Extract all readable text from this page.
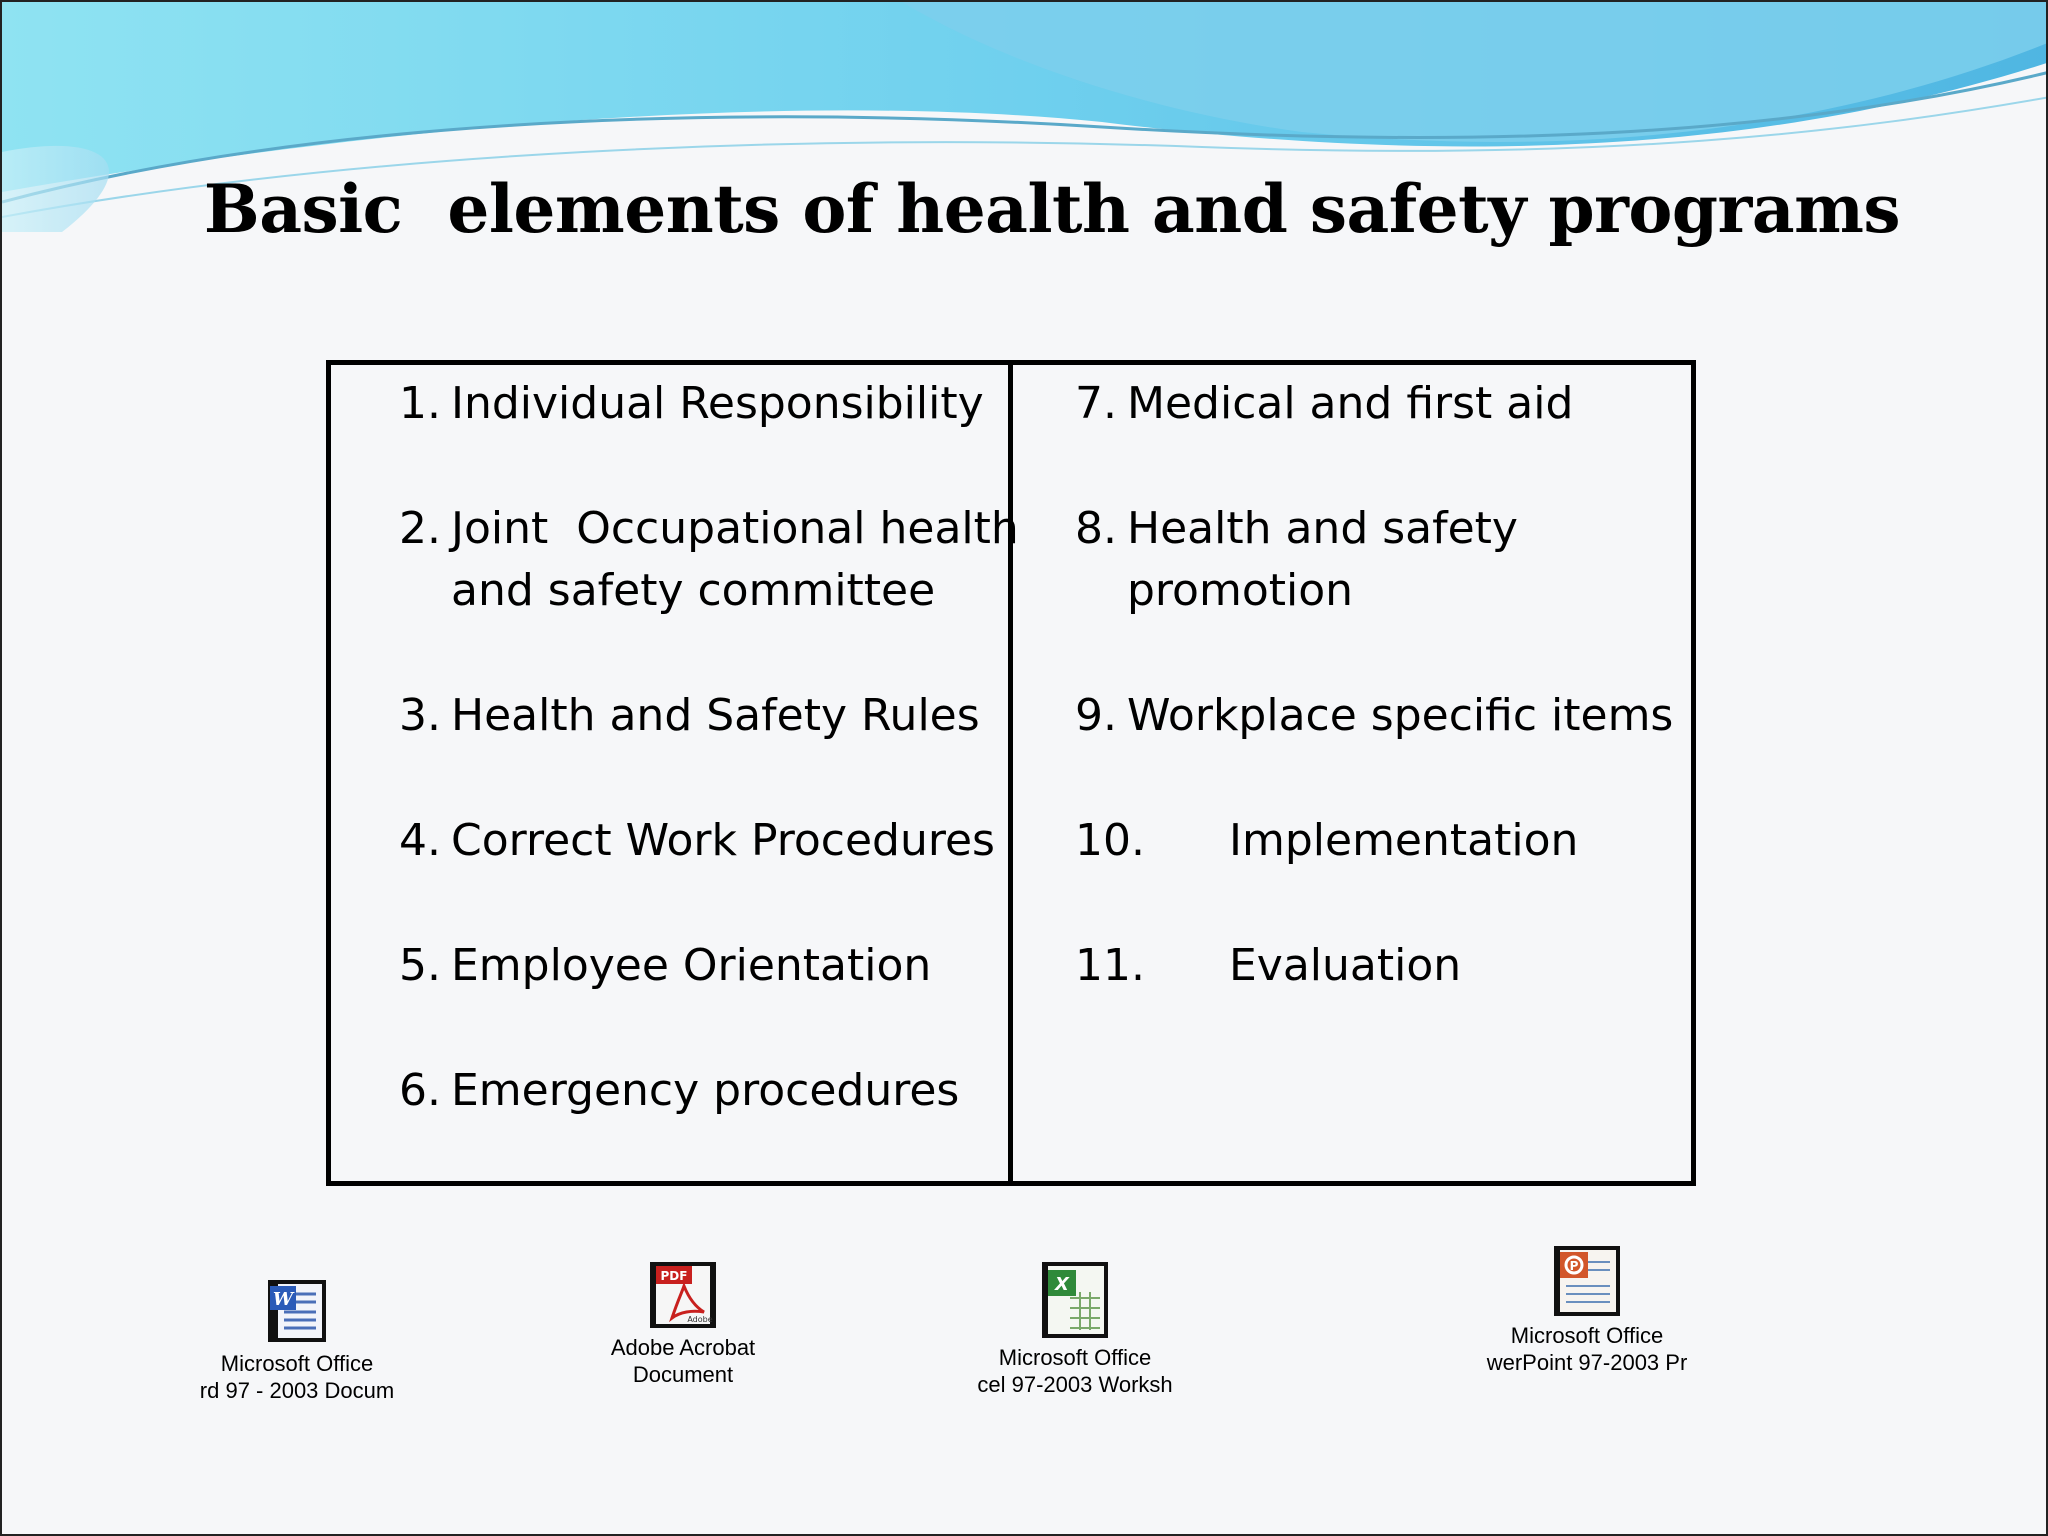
Basic  elements of health and safety programs
1. Individual Responsibility
2. Joint  Occupational health
and safety committee
3. Health and Safety Rules
4. Correct Work Procedures
5. Employee Orientation
6. Emergency procedures
7. Medical and first aid
8. Health and safety
promotion
9. Workplace specific items
10.	Implementation
11.	Evaluation
W
Microsoft Office
rd 97 - 2003 Docum
PDF
Adobe
Adobe Acrobat
Document
X
Microsoft Office
cel 97-2003 Worksh
P
Microsoft Office
werPoint 97-2003 Pr
